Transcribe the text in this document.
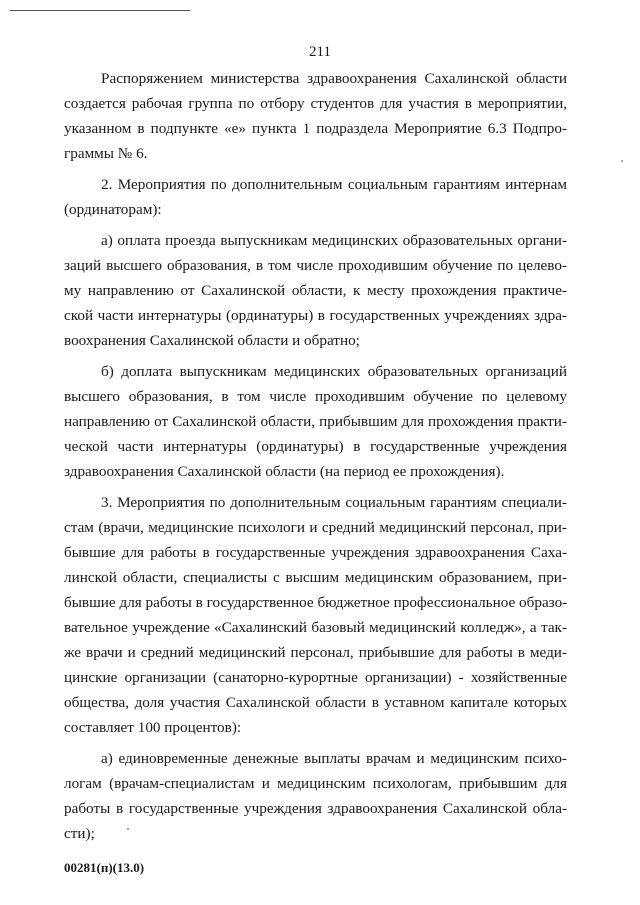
211

Распоряжением министерства здравоохранения Сахалинской области
создается рабочая группа по отбору студентов для участия в мероприятии,
указанном в подпункте «е» пункта 1 подраздела Мероприятие 6.3 Подпро-
граммы № 6.

2. Мероприятия по дополнительным социальным гарантиям интернам
(ординаторам):

а) оплата проезда выпускникам медицинских образовательных органи-
заций высшего образования, в том числе проходившим обучение по целево-
му направлению от Сахалинской области, к месту прохождения практиче-
ской части интернатуры (ординатуры) в государственных учреждениях здра-
воохранения Сахалинской области и обратно;

б) доплата выпускникам медицинских образовательных организаций
высшего образования, в том числе проходившим обучение по целевому
направлению от Сахалинской области, прибывшим для прохождения практи-
ческой части интернатуры (ординатуры) в государственные учреждения
здравоохранения Сахалинской области (на период ее прохождения).

3. Мероприятия по дополнительным социальным гарантиям специали-
стам (врачи, медицинские психологи и средний медицинский персонал, при-
бывшие для работы в государственные учреждения здравоохранения Саха-
линской области, специалисты с высшим медицинским образованием, при-
бывшие для работы в государственное бюджетное профессиональное образо-
вательное учреждение «Сахалинский базовый медицинский колледж», а так-
же врачи и средний медицинский персонал, прибывшие для работы в меди-
цинские организации (санаторно-курортные организации) - хозяйственные
общества, доля участия Сахалинской области в уставном капитале которых
составляет 100 процентов):

а) единовременные денежные выплаты врачам и медицинским психо-
логам (врачам-специалистам и медицинским психологам, прибывшим для
работы в государственные учреждения здравоохранения Сахалинской обла-
сти);

00281(п)(13.0)
